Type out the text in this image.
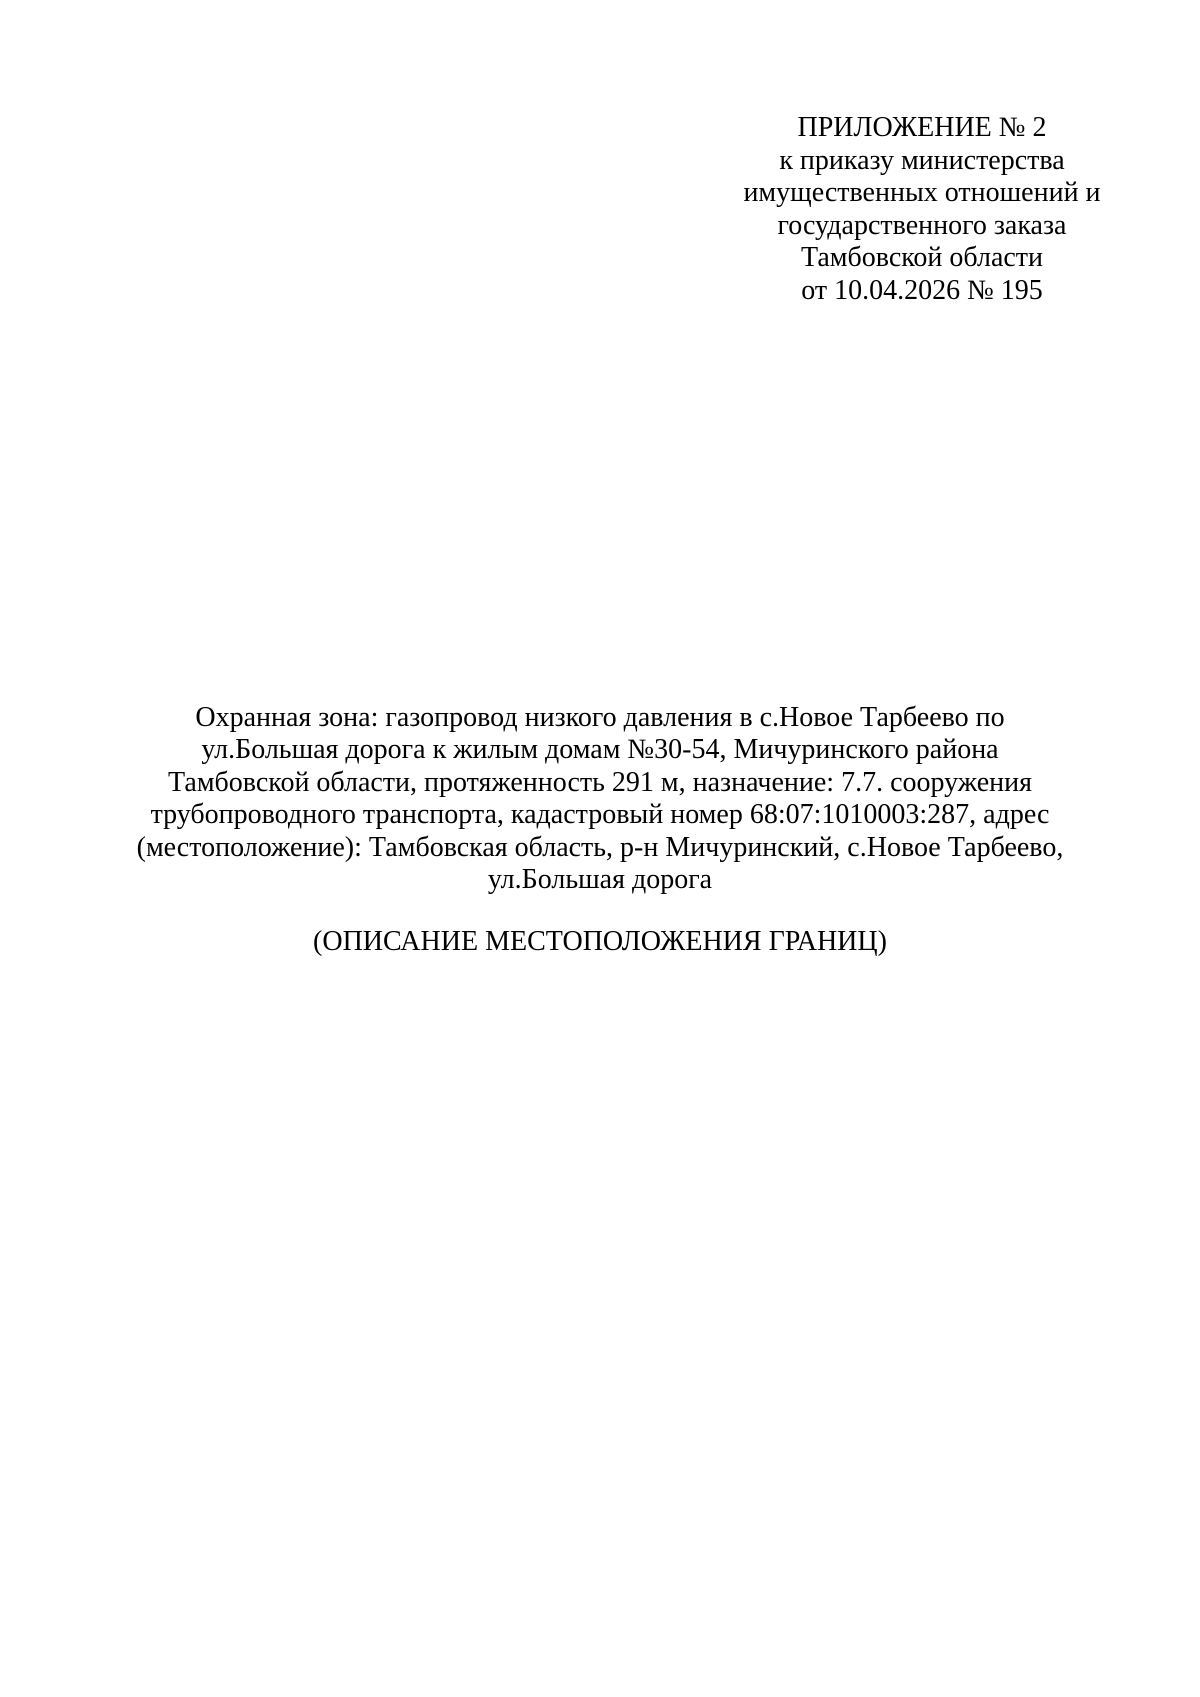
ПРИЛОЖЕНИЕ № 2
к приказу министерства
имущественных отношений и
государственного заказа
Тамбовской области
от 10.04.2026 № 195
Охранная зона: газопровод низкого давления в с.Новое Тарбеево по
ул.Большая дорога к жилым домам №30-54, Мичуринского района
Тамбовской области, протяженность 291 м, назначение: 7.7. сооружения
трубопроводного транспорта, кадастровый номер 68:07:1010003:287, адрес
(местоположение): Тамбовская область, р-н Мичуринский, с.Новое Тарбеево,
ул.Большая дорога
(ОПИСАНИЕ МЕСТОПОЛОЖЕНИЯ ГРАНИЦ)
